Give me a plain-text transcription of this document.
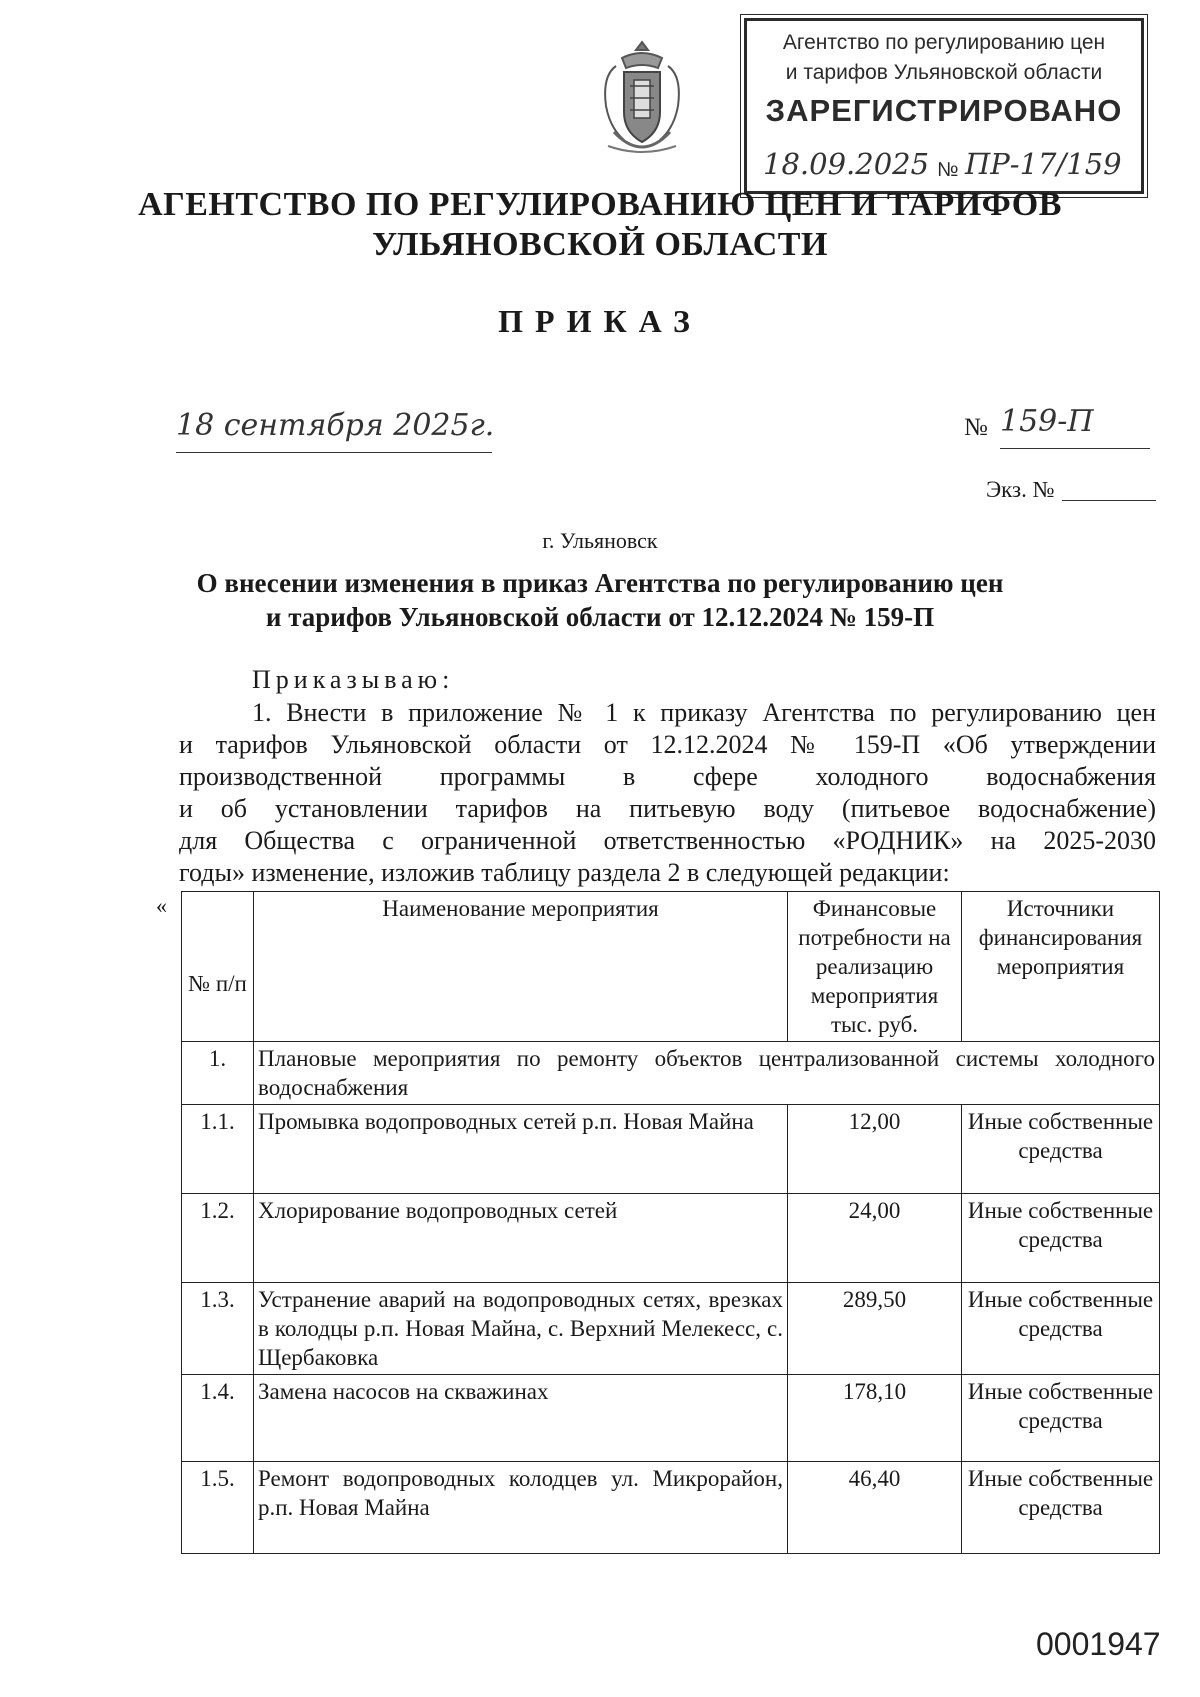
Агентство по регулированию цен
и тарифов Ульяновской области
ЗАРЕГИСТРИРОВАНО
18.09.2025 № ПР-17/159
АГЕНТСТВО ПО РЕГУЛИРОВАНИЮ ЦЕН И ТАРИФОВ
УЛЬЯНОВСКОЙ ОБЛАСТИ
ПРИКАЗ
18 сентября 2025г.	№ 159-П
Экз. №
г. Ульяновск
О внесении изменения в приказ Агентства по регулированию цен
и тарифов Ульяновской области от 12.12.2024 № 159-П
Приказываю:
1. Внести в приложение № 1 к приказу Агентства по регулированию цен
и тарифов Ульяновской области от 12.12.2024 № 159-П «Об утверждении
производственной программы в сфере холодного водоснабжения
и об установлении тарифов на питьевую воду (питьевое водоснабжение)
для Общества с ограниченной ответственностью «РОДНИК» на 2025-2030
годы» изменение, изложив таблицу раздела 2 в следующей редакции:
«
№ п/п	Наименование мероприятия	Финансовые потребности на реализацию мероприятия тыс. руб.	Источники финансирования мероприятия
1.	Плановые мероприятия по ремонту объектов централизованной системы холодного водоснабжения		
1.1.	Промывка водопроводных сетей р.п. Новая Майна	12,00	Иные собственные средства
1.2.	Хлорирование водопроводных сетей	24,00	Иные собственные средства
1.3.	Устранение аварий на водопроводных сетях, врезках в колодцы р.п. Новая Майна, с. Верхний Мелекесс, с. Щербаковка	289,50	Иные собственные средства
1.4.	Замена насосов на скважинах	178,10	Иные собственные средства
1.5.	Ремонт водопроводных колодцев ул. Микрорайон, р.п. Новая Майна	46,40	Иные собственные средства
0001947
